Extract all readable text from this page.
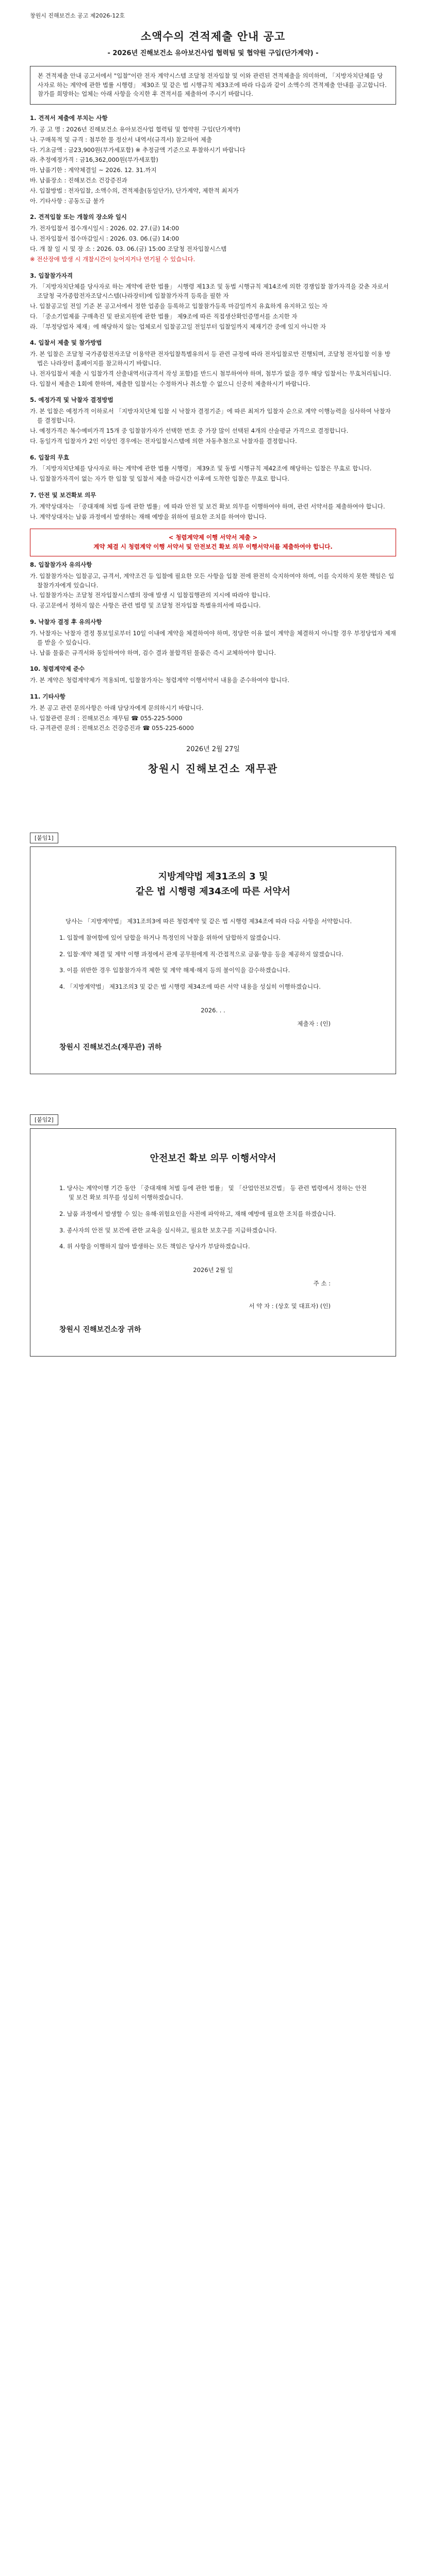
창원시 진해보건소 공고 제2026-12호

소액수의 견적제출 안내 공고

- 2026년 진해보건소 유아보건사업 협력팀 및 협약원 구입(단가계약) -

본 견적제출 안내 공고서에서 "입찰"이란 전자 계약시스템 조달청 전자입찰 및 이와 관련된 견적제출을 의미하며, 「지방자치단체를 당사자로 하는 계약에 관한 법률 시행령」 제30조 및 같은 법 시행규칙 제33조에 따라 다음과 같이 소액수의 견적제출 안내를 공고합니다. 참가를 희망하는 업체는 아래 사항을 숙지한 후 견적서를 제출하여 주시기 바랍니다.

1. 견적서 제출에 부치는 사항

가. 공 고 명 : 2026년 진해보건소 유아보건사업 협력팀 및 협약원 구입(단가계약)

나. 구매목적 및 규격 : 첨부한 물 정산서 내역서(규격서) 참고하여 제출

다. 기초금액 : 금23,900원(부가세포함) ※ 추정금액 기준으로 투찰하시기 바랍니다

라. 추정예정가격 : 금16,362,000원(부가세포함)

마. 납품기한 : 계약체결일 ~ 2026. 12. 31.까지

바. 납품장소 : 진해보건소 건강증진과

사. 입찰방법 : 전자입찰, 소액수의, 견적제출(동일단가), 단가계약, 제한적 최저가

아. 기타사항 : 공동도급 불가

2. 견적입찰 또는 개찰의 장소와 일시

가. 전자입찰서 접수개시일시 : 2026. 02. 27.(금) 14:00

나. 전자입찰서 접수마감일시 : 2026. 03. 06.(금) 14:00

다. 개 찰 일 시 및 장 소 : 2026. 03. 06.(금) 15:00 조달청 전자입찰시스템

※ 전산장애 발생 시 개찰시간이 늦어지거나 연기될 수 있습니다.

3. 입찰참가자격

가. 「지방자치단체를 당사자로 하는 계약에 관한 법률」 시행령 제13조 및 동법 시행규칙 제14조에 의한 경쟁입찰 참가자격을 갖춘 자로서 조달청 국가종합전자조달시스템(나라장터)에 입찰참가자격 등록을 필한 자

나. 입찰공고일 전일 기준 본 공고서에서 정한 업종을 등록하고 입찰참가등록 마감일까지 유효하게 유지하고 있는 자

다. 「중소기업제품 구매촉진 및 판로지원에 관한 법률」 제9조에 따른 직접생산확인증명서를 소지한 자

라. 「부정당업자 제재」에 해당하지 않는 업체로서 입찰공고일 전일부터 입찰일까지 제재기간 중에 있지 아니한 자

4. 입찰서 제출 및 참가방법

가. 본 입찰은 조달청 국가종합전자조달 이용약관 전자입찰특별유의서 등 관련 규정에 따라 전자입찰로만 진행되며, 조달청 전자입찰 이용 방법은 나라장터 홈페이지를 참고하시기 바랍니다.

나. 전자입찰서 제출 시 입찰가격 산출내역서(규격서 작성 포함)를 반드시 첨부하여야 하며, 첨부가 없을 경우 해당 입찰서는 무효처리됩니다.

다. 입찰서 제출은 1회에 한하며, 제출한 입찰서는 수정하거나 취소할 수 없으니 신중히 제출하시기 바랍니다.

5. 예정가격 및 낙찰자 결정방법

가. 본 입찰은 예정가격 이하로서 「지방자치단체 입찰 시 낙찰자 결정기준」에 따른 최저가 입찰자 순으로 계약 이행능력을 심사하여 낙찰자를 결정합니다.

나. 예정가격은 복수예비가격 15개 중 입찰참가자가 선택한 번호 중 가장 많이 선택된 4개의 산술평균 가격으로 결정합니다.

다. 동일가격 입찰자가 2인 이상인 경우에는 전자입찰시스템에 의한 자동추첨으로 낙찰자를 결정합니다.

6. 입찰의 무효

가. 「지방자치단체를 당사자로 하는 계약에 관한 법률 시행령」 제39조 및 동법 시행규칙 제42조에 해당하는 입찰은 무효로 합니다.

나. 입찰참가자격이 없는 자가 한 입찰 및 입찰서 제출 마감시간 이후에 도착한 입찰은 무효로 합니다.

7. 안전 및 보건확보 의무

가. 계약상대자는 「중대재해 처벌 등에 관한 법률」에 따라 안전 및 보건 확보 의무를 이행하여야 하며, 관련 서약서를 제출하여야 합니다.

나. 계약상대자는 납품 과정에서 발생하는 재해 예방을 위하여 필요한 조치를 하여야 합니다.

< 청렴계약제 이행 서약서 제출 >

계약 체결 시 청렴계약 이행 서약서 및 안전보건 확보 의무 이행서약서를 제출하여야 합니다.

8. 입찰참가자 유의사항

가. 입찰참가자는 입찰공고, 규격서, 계약조건 등 입찰에 필요한 모든 사항을 입찰 전에 완전히 숙지하여야 하며, 이를 숙지하지 못한 책임은 입찰참가자에게 있습니다.

나. 입찰참가자는 조달청 전자입찰시스템의 장애 발생 시 입찰집행관의 지시에 따라야 합니다.

다. 공고문에서 정하지 않은 사항은 관련 법령 및 조달청 전자입찰 특별유의서에 따릅니다.

9. 낙찰자 결정 후 유의사항

가. 낙찰자는 낙찰자 결정 통보일로부터 10일 이내에 계약을 체결하여야 하며, 정당한 이유 없이 계약을 체결하지 아니할 경우 부정당업자 제재를 받을 수 있습니다.

나. 납품 물품은 규격서와 동일하여야 하며, 검수 결과 불합격된 물품은 즉시 교체하여야 합니다.

10. 청렴계약제 준수

가. 본 계약은 청렴계약제가 적용되며, 입찰참가자는 청렴계약 이행서약서 내용을 준수하여야 합니다.

11. 기타사항

가. 본 공고 관련 문의사항은 아래 담당자에게 문의하시기 바랍니다.

나. 입찰관련 문의 : 진해보건소 재무팀 ☎ 055-225-5000

다. 규격관련 문의 : 진해보건소 건강증진과 ☎ 055-225-6000

2026년 2월 27일

창원시 진해보건소 재무관

[붙임1]

지방계약법 제31조의 3 및
같은 법 시행령 제34조에 따른 서약서

당사는 「지방계약법」 제31조의3에 따른 청렴계약 및 같은 법 시행령 제34조에 따라 다음 사항을 서약합니다.

1. 입찰에 참여함에 있어 담합을 하거나 특정인의 낙찰을 위하여 담합하지 않겠습니다.

2. 입찰·계약 체결 및 계약 이행 과정에서 관계 공무원에게 직·간접적으로 금품·향응 등을 제공하지 않겠습니다.

3. 이를 위반한 경우 입찰참가자격 제한 및 계약 해제·해지 등의 불이익을 감수하겠습니다.

4. 「지방계약법」 제31조의3 및 같은 법 시행령 제34조에 따른 서약 내용을 성실히 이행하겠습니다.

2026. . .

제출자 : (인)

창원시 진해보건소(재무관) 귀하

[붙임2]

안전보건 확보 의무 이행서약서

1. 당사는 계약이행 기간 동안 「중대재해 처벌 등에 관한 법률」 및 「산업안전보건법」 등 관련 법령에서 정하는 안전 및 보건 확보 의무를 성실히 이행하겠습니다.

2. 납품 과정에서 발생할 수 있는 유해·위험요인을 사전에 파악하고, 재해 예방에 필요한 조치를 하겠습니다.

3. 종사자의 안전 및 보건에 관한 교육을 실시하고, 필요한 보호구를 지급하겠습니다.

4. 위 사항을 이행하지 않아 발생하는 모든 책임은 당사가 부담하겠습니다.

2026년 2월 일

주 소 :

서 약 자 : (상호 및 대표자) (인)

창원시 진해보건소장 귀하
